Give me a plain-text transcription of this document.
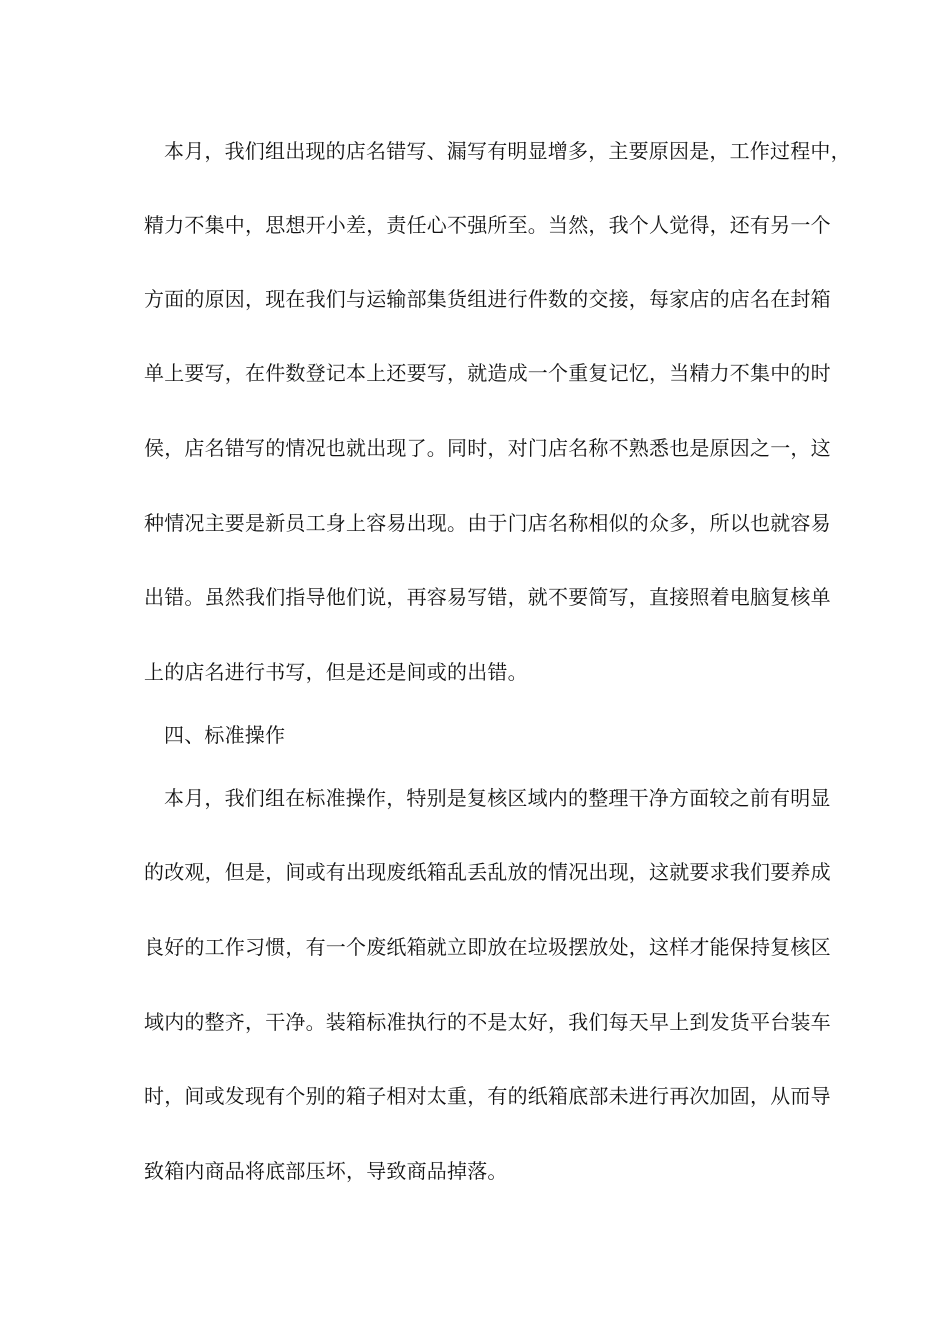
本月，我们组出现的店名错写、漏写有明显增多，主要原因是，工作过程中，
精力不集中，思想开小差，责任心不强所至。当然，我个人觉得，还有另一个
方面的原因，现在我们与运输部集货组进行件数的交接，每家店的店名在封箱
单上要写，在件数登记本上还要写，就造成一个重复记忆，当精力不集中的时
侯，店名错写的情况也就出现了。同时，对门店名称不熟悉也是原因之一，这
种情况主要是新员工身上容易出现。由于门店名称相似的众多，所以也就容易
出错。虽然我们指导他们说，再容易写错，就不要简写，直接照着电脑复核单
上的店名进行书写，但是还是间或的出错。
四、标准操作
本月，我们组在标准操作，特别是复核区域内的整理干净方面较之前有明显
的改观，但是，间或有出现废纸箱乱丢乱放的情况出现，这就要求我们要养成
良好的工作习惯，有一个废纸箱就立即放在垃圾摆放处，这样才能保持复核区
域内的整齐，干净。装箱标准执行的不是太好，我们每天早上到发货平台装车
时，间或发现有个别的箱子相对太重，有的纸箱底部未进行再次加固，从而导
致箱内商品将底部压坏，导致商品掉落。
